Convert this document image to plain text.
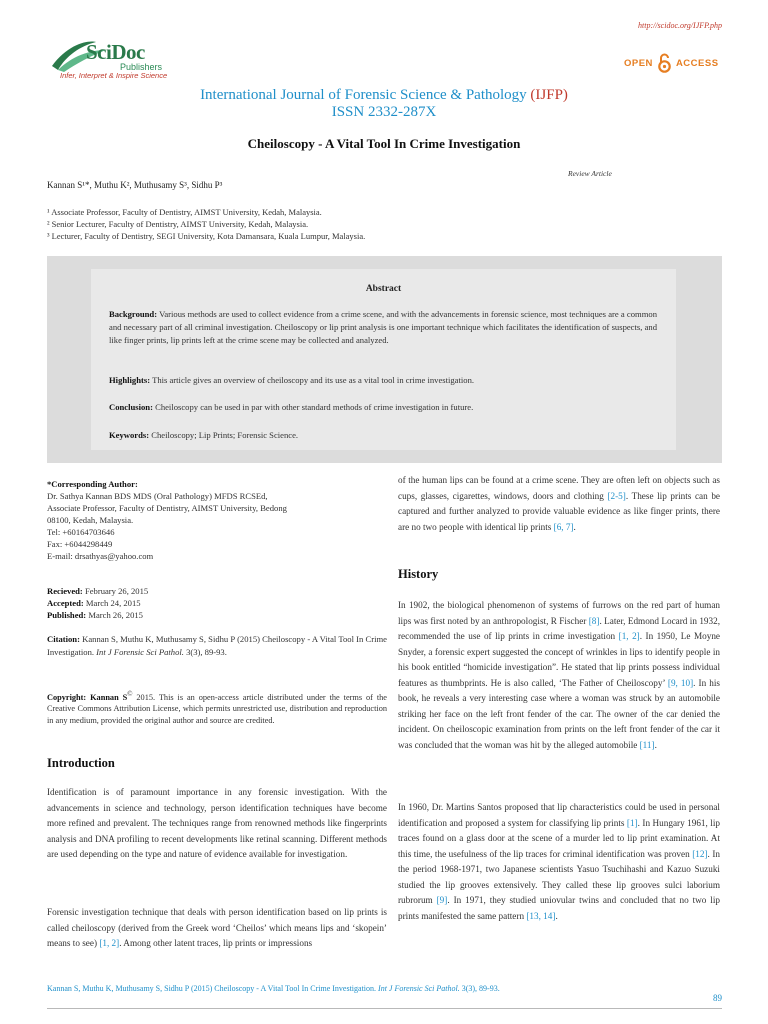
SciDoc
Publishers
Infer, Interpret & Inspire Science
http://scidoc.org/IJFP.php
OPEN ACCESS
International Journal of Forensic Science & Pathology (IJFP)
ISSN 2332-287X
Cheiloscopy - A Vital Tool In Crime Investigation
Review Article
Kannan S¹*, Muthu K², Muthusamy S³, Sidhu P³
¹ Associate Professor, Faculty of Dentistry, AIMST University, Kedah, Malaysia.
² Senior Lecturer, Faculty of Dentistry, AIMST University, Kedah, Malaysia.
³ Lecturer, Faculty of Dentistry, SEGI University, Kota Damansara, Kuala Lumpur, Malaysia.
Abstract
Background: Various methods are used to collect evidence from a crime scene, and with the advancements in forensic science, most techniques are a common and necessary part of all criminal investigation. Cheiloscopy or lip print analysis is one important technique which facilitates the identification of suspects, and like finger prints, lip prints left at the crime scene may be collected and analyzed.
Highlights: This article gives an overview of cheiloscopy and its use as a vital tool in crime investigation.
Conclusion: Cheiloscopy can be used in par with other standard methods of crime investigation in future.
Keywords: Cheiloscopy; Lip Prints; Forensic Science.
*Corresponding Author:
Dr. Sathya Kannan BDS MDS (Oral Pathology) MFDS RCSEd,
Associate Professor, Faculty of Dentistry, AIMST University, Bedong
08100, Kedah, Malaysia.
Tel: +60164703646
Fax: +6044298449
E-mail: drsathyas@yahoo.com
Recieved: February 26, 2015
Accepted: March 24, 2015
Published: March 26, 2015
Citation: Kannan S, Muthu K, Muthusamy S, Sidhu P (2015) Cheiloscopy - A Vital Tool In Crime Investigation. Int J Forensic Sci Pathol. 3(3), 89-93.
Copyright: Kannan S© 2015. This is an open-access article distributed under the terms of the Creative Commons Attribution License, which permits unrestricted use, distribution and reproduction in any medium, provided the original author and source are credited.
Introduction
Identification is of paramount importance in any forensic investigation. With the advancements in science and technology, person identification techniques have become more refined and prevalent. The techniques range from renowned methods like fingerprints analysis and DNA profiling to recent developments like retinal scanning. Different methods are used depending on the type and nature of evidence available for investigation.
Forensic investigation technique that deals with person identification based on lip prints is called cheiloscopy (derived from the Greek word ‘Cheilos’ which means lips and ‘skopein’ means to see) [1, 2]. Among other latent traces, lip prints or impressions
of the human lips can be found at a crime scene. They are often left on objects such as cups, glasses, cigarettes, windows, doors and clothing [2-5]. These lip prints can be captured and further analyzed to provide valuable evidence as like finger prints, there are no two people with identical lip prints [6, 7].
History
In 1902, the biological phenomenon of systems of furrows on the red part of human lips was first noted by an anthropologist, R Fischer [8]. Later, Edmond Locard in 1932, recommended the use of lip prints in crime investigation [1, 2]. In 1950, Le Moyne Snyder, a forensic expert suggested the concept of wrinkles in lips to identify people in his book entitled “homicide investigation”. He stated that lip prints possess individual features as thumbprints. He is also called, ‘The Father of Cheiloscopy’ [9, 10]. In his book, he reveals a very interesting case where a woman was struck by an automobile striking her face on the left front fender of the car. The owner of the car denied the incident. On cheiloscopic examination from prints on the left front fender of the car it was concluded that the woman was hit by the alleged automobile [11].
In 1960, Dr. Martins Santos proposed that lip characteristics could be used in personal identification and proposed a system for classifying lip prints [1]. In Hungary 1961, lip traces found on a glass door at the scene of a murder led to lip print examination. At this time, the usefulness of the lip traces for criminal identification was proven [12]. In the period 1968-1971, two Japanese scientists Yasuo Tsuchihashi and Kazuo Suzuki studied the lip grooves extensively. They called these lip grooves sulci laborium rubrorum [9]. In 1971, they studied uniovular twins and concluded that no two lip prints manifested the same pattern [13, 14].
Kannan S, Muthu K, Muthusamy S, Sidhu P (2015) Cheiloscopy - A Vital Tool In Crime Investigation. Int J Forensic Sci Pathol. 3(3), 89-93.
89
